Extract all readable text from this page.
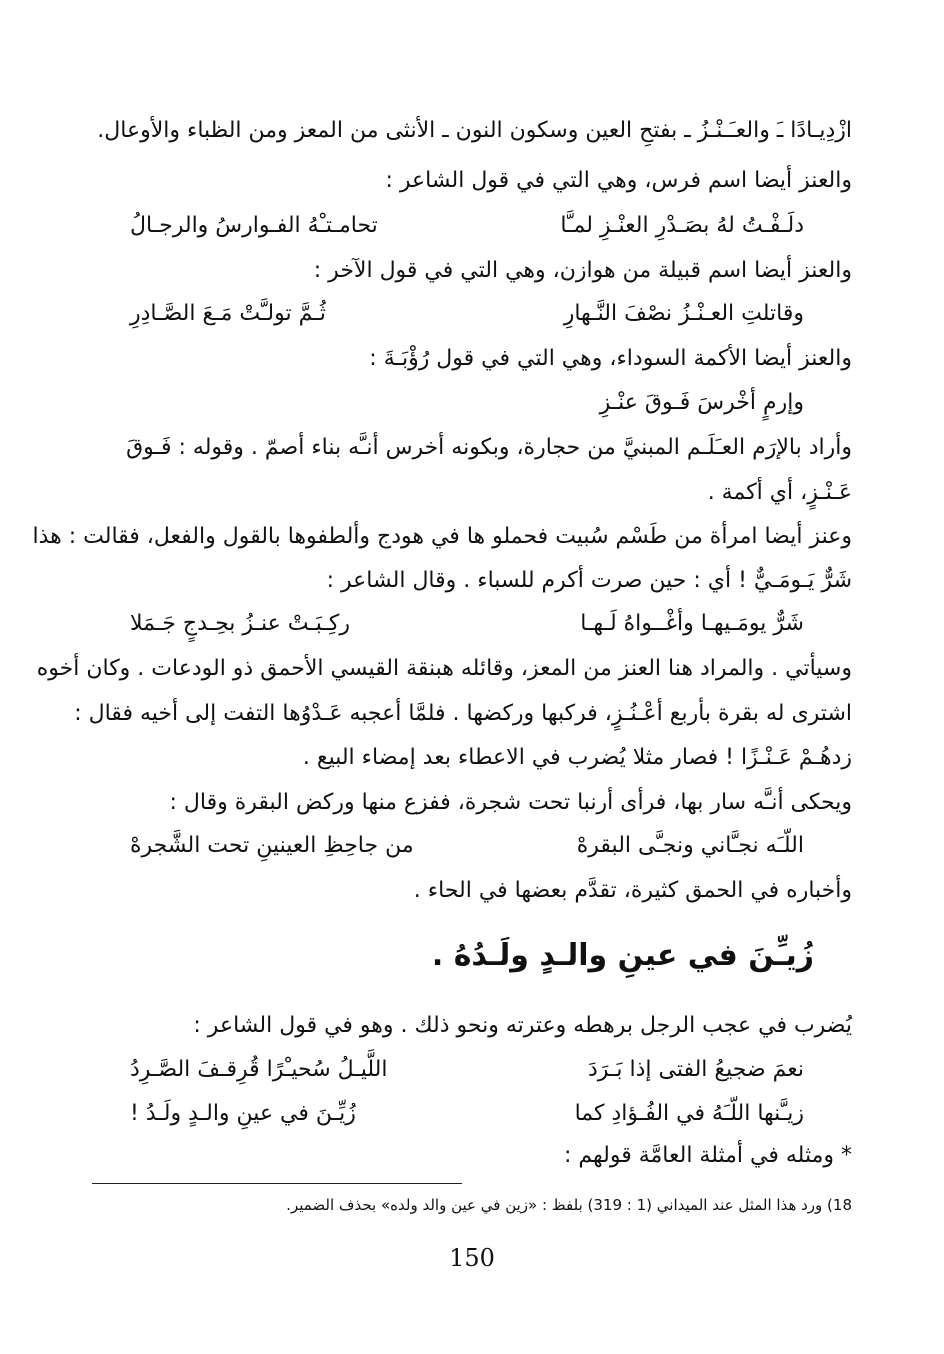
ازْدِيـادًا ـَ والعـَـنْـزُ ـ بفتحِ العين وسكون النون ـ الأنثى من المعز ومن الظباء والأوعال.
والعنز أيضا اسم فرس، وهي التي في قول الشاعر :
دلَـفْـتُ لهُ بصَـدْرِ العنْـزِ لمـَّا
تحامـتـْهُ الفـوارسُ والرجـالُ
والعنز أيضا اسم قبيلة من هوازن، وهي التي في قول الآخر :
وقاتلتِ العـنْـزُ نصْفَ النَّـهارِ
ثُـمَّ تولـَّتْ مَـعَ الصَّـادِرِ
والعنز أيضا الأكمة السوداء، وهي التي في قول رُؤْبَـةَ :
وإرمٍ أخْرسَ فَـوقَ عنْـزِ
وأراد بالإرَم العـَلَـم المبنيَّ من حجارة، وبكونه أخرس أنـَّه بناء أصمّ . وقوله : فَـوقَ
عَـنْـزٍ، أي أكمة .
وعنز أيضا امرأة من طَسْم سُبيت فحملو ها في هودج وألطفوها بالقول والفعل، فقالت : هذا
شَرٌّ يَـومَـيٌّ ! أي : حين صرت أكرم للسباء . وقال الشاعر :
شَرٌّ يومَـيهـا وأغْــواهُ لَـهـا
ركِـبَـتْ عنـزُ بحِـدجٍ جَـمَلا
وسيأتي . والمراد هنا العنز من المعز، وقائله هبنقة القيسي الأحمق ذو الودعات . وكان أخوه
اشترى له بقرة بأربع أعْـنُـزٍ، فركبها وركضها . فلمَّا أعجبه عَـدْوُها التفت إلى أخيه فقال :
زدهُـمْ عَـنْـزًا ! فصار مثلا يُضرب في الاعطاء بعد إمضاء البيع .
ويحكى أنـَّه سار بها، فرأى أرنبا تحت شجرة، ففزع منها وركض البقرة وقال :
اللّـَه نجـَّاني ونجـَّى البقرهْ
من جاحِظِ العينينِ تحت الشَّجرهْ
وأخباره في الحمق كثيرة، تقدَّم بعضها في الحاء .
زُيـِّنَ في عينِ والـدٍ ولَـدُهُ .
يُضرب في عجب الرجل برهطه وعترته ونحو ذلك . وهو في قول الشاعر :
نعمَ ضجيعُ الفتى إذا بَـرَدَ
اللَّيـلُ سُحيـْرًا قُرِقـفَ الصَّـرِدُ
زيـَّنها اللّـَهُ في الفُـؤادِ كما
زُيِّـنَ في عينِ والـدٍ ولَـدُ !
* ومثله في أمثلة العامَّة قولهم :
18) ورد هذا المثل عند الميداني (1 : 319) بلفظ : «زين في عين والد ولده» بحذف الضمير.
150
